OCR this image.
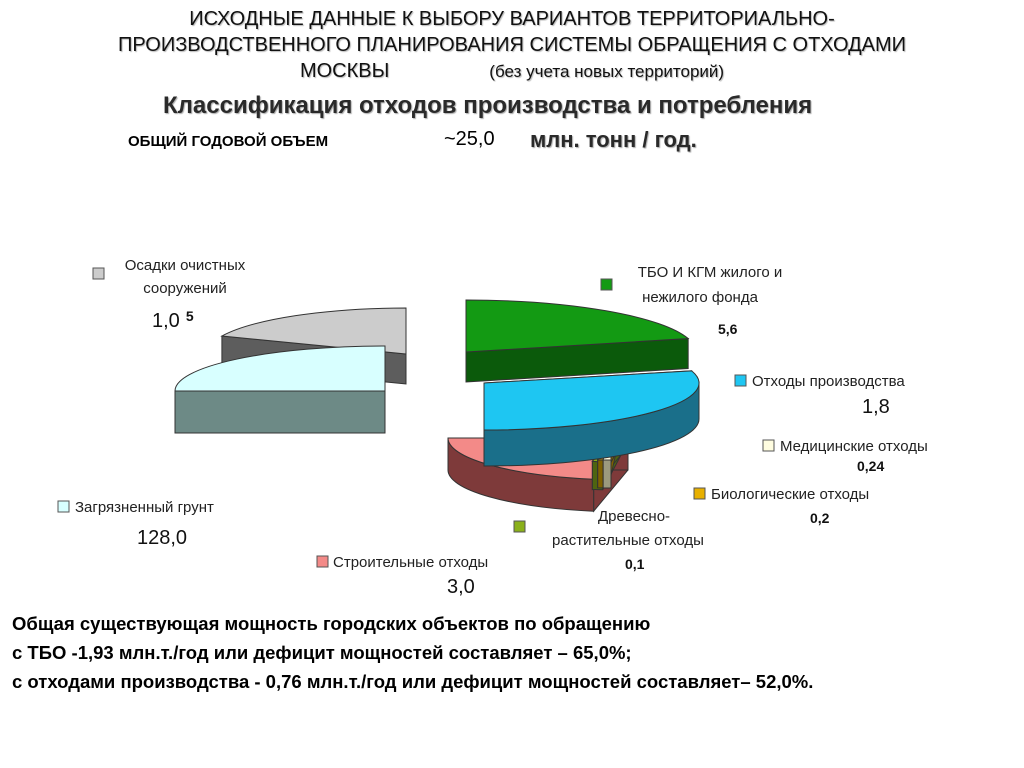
ИСХОДНЫЕ ДАННЫЕ К ВЫБОРУ ВАРИАНТОВ ТЕРРИТОРИАЛЬНО-
ПРОИЗВОДСТВЕННОГО ПЛАНИРОВАНИЯ СИСТЕМЫ ОБРАЩЕНИЯ С ОТХОДАМИ
МОСКВЫ	(без учета новых территорий)
Классификация отходов производства и потребления
ОБЩИЙ ГОДОВОЙ ОБЪЕМ	~25,0 млн. тонн / год.
Осадки очистных
сооружений
ТБО И КГМ жилого и
нежилого фонда
Отходы производства
Медицинские отходы
Биологические отходы
Древесно-
растительные отходы
Строительные отходы
Загрязненный грунт
1,0 $^5$
5,6
1,8
0,24
0,2
0,1
3,0
128,0
Общая существующая мощность городских объектов по обращению
с ТБО -1,93 млн.т./год или дефицит мощностей составляет – 65,0%;
с отходами производства - 0,76 млн.т./год или дефицит мощностей составляет– 52,0%.
